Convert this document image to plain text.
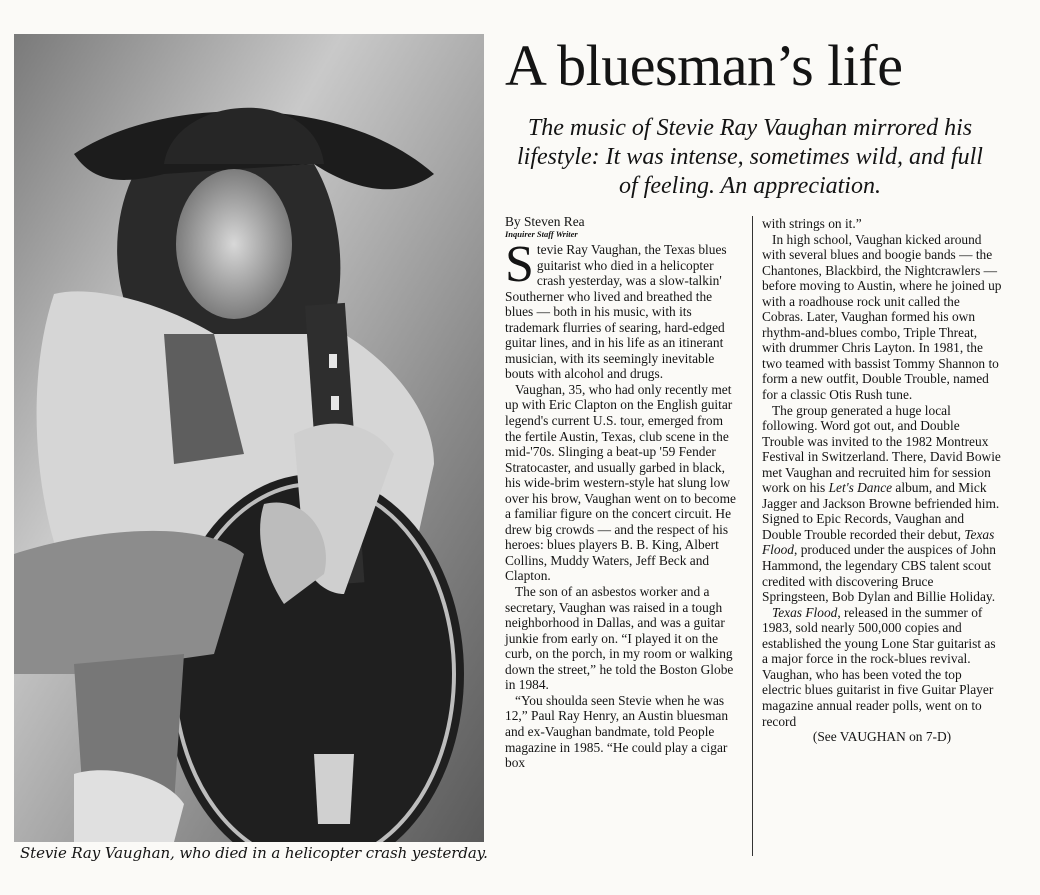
Stevie Ray Vaughan, who died in a helicopter crash yesterday.
A bluesman’s life

The music of Stevie Ray Vaughan mirrored his lifestyle: It was intense, sometimes wild, and full of feeling. An appreciation.

By Steven Rea
Inquirer Staff Writer

Stevie Ray Vaughan, the Texas blues guitarist who died in a helicopter crash yesterday, was a slow-talkin' Southerner who lived and breathed the blues — both in his music, with its trademark flurries of searing, hard-edged guitar lines, and in his life as an itinerant musician, with its seemingly inevitable bouts with alcohol and drugs.

Vaughan, 35, who had only recently met up with Eric Clapton on the English guitar legend's current U.S. tour, emerged from the fertile Austin, Texas, club scene in the mid-'70s. Slinging a beat-up '59 Fender Stratocaster, and usually garbed in black, his wide-brim western-style hat slung low over his brow, Vaughan went on to become a familiar figure on the concert circuit. He drew big crowds — and the respect of his heroes: blues players B. B. King, Albert Collins, Muddy Waters, Jeff Beck and Clapton.

The son of an asbestos worker and a secretary, Vaughan was raised in a tough neighborhood in Dallas, and was a guitar junkie from early on. “I played it on the curb, on the porch, in my room or walking down the street,” he told the Boston Globe in 1984.

“You shoulda seen Stevie when he was 12,” Paul Ray Henry, an Austin bluesman and ex-Vaughan bandmate, told People magazine in 1985. “He could play a cigar box

with strings on it.”

In high school, Vaughan kicked around with several blues and boogie bands — the Chantones, Blackbird, the Nightcrawlers — before moving to Austin, where he joined up with a roadhouse rock unit called the Cobras. Later, Vaughan formed his own rhythm-and-blues combo, Triple Threat, with drummer Chris Layton. In 1981, the two teamed with bassist Tommy Shannon to form a new outfit, Double Trouble, named for a classic Otis Rush tune.

The group generated a huge local following. Word got out, and Double Trouble was invited to the 1982 Montreux Festival in Switzerland. There, David Bowie met Vaughan and recruited him for session work on his Let's Dance album, and Mick Jagger and Jackson Browne befriended him. Signed to Epic Records, Vaughan and Double Trouble recorded their debut, Texas Flood, produced under the auspices of John Hammond, the legendary CBS talent scout credited with discovering Bruce Springsteen, Bob Dylan and Billie Holiday.

Texas Flood, released in the summer of 1983, sold nearly 500,000 copies and established the young Lone Star guitarist as a major force in the rock-blues revival.

Vaughan, who has been voted the top electric blues guitarist in five Guitar Player magazine annual reader polls, went on to record

(See VAUGHAN on 7-D)
